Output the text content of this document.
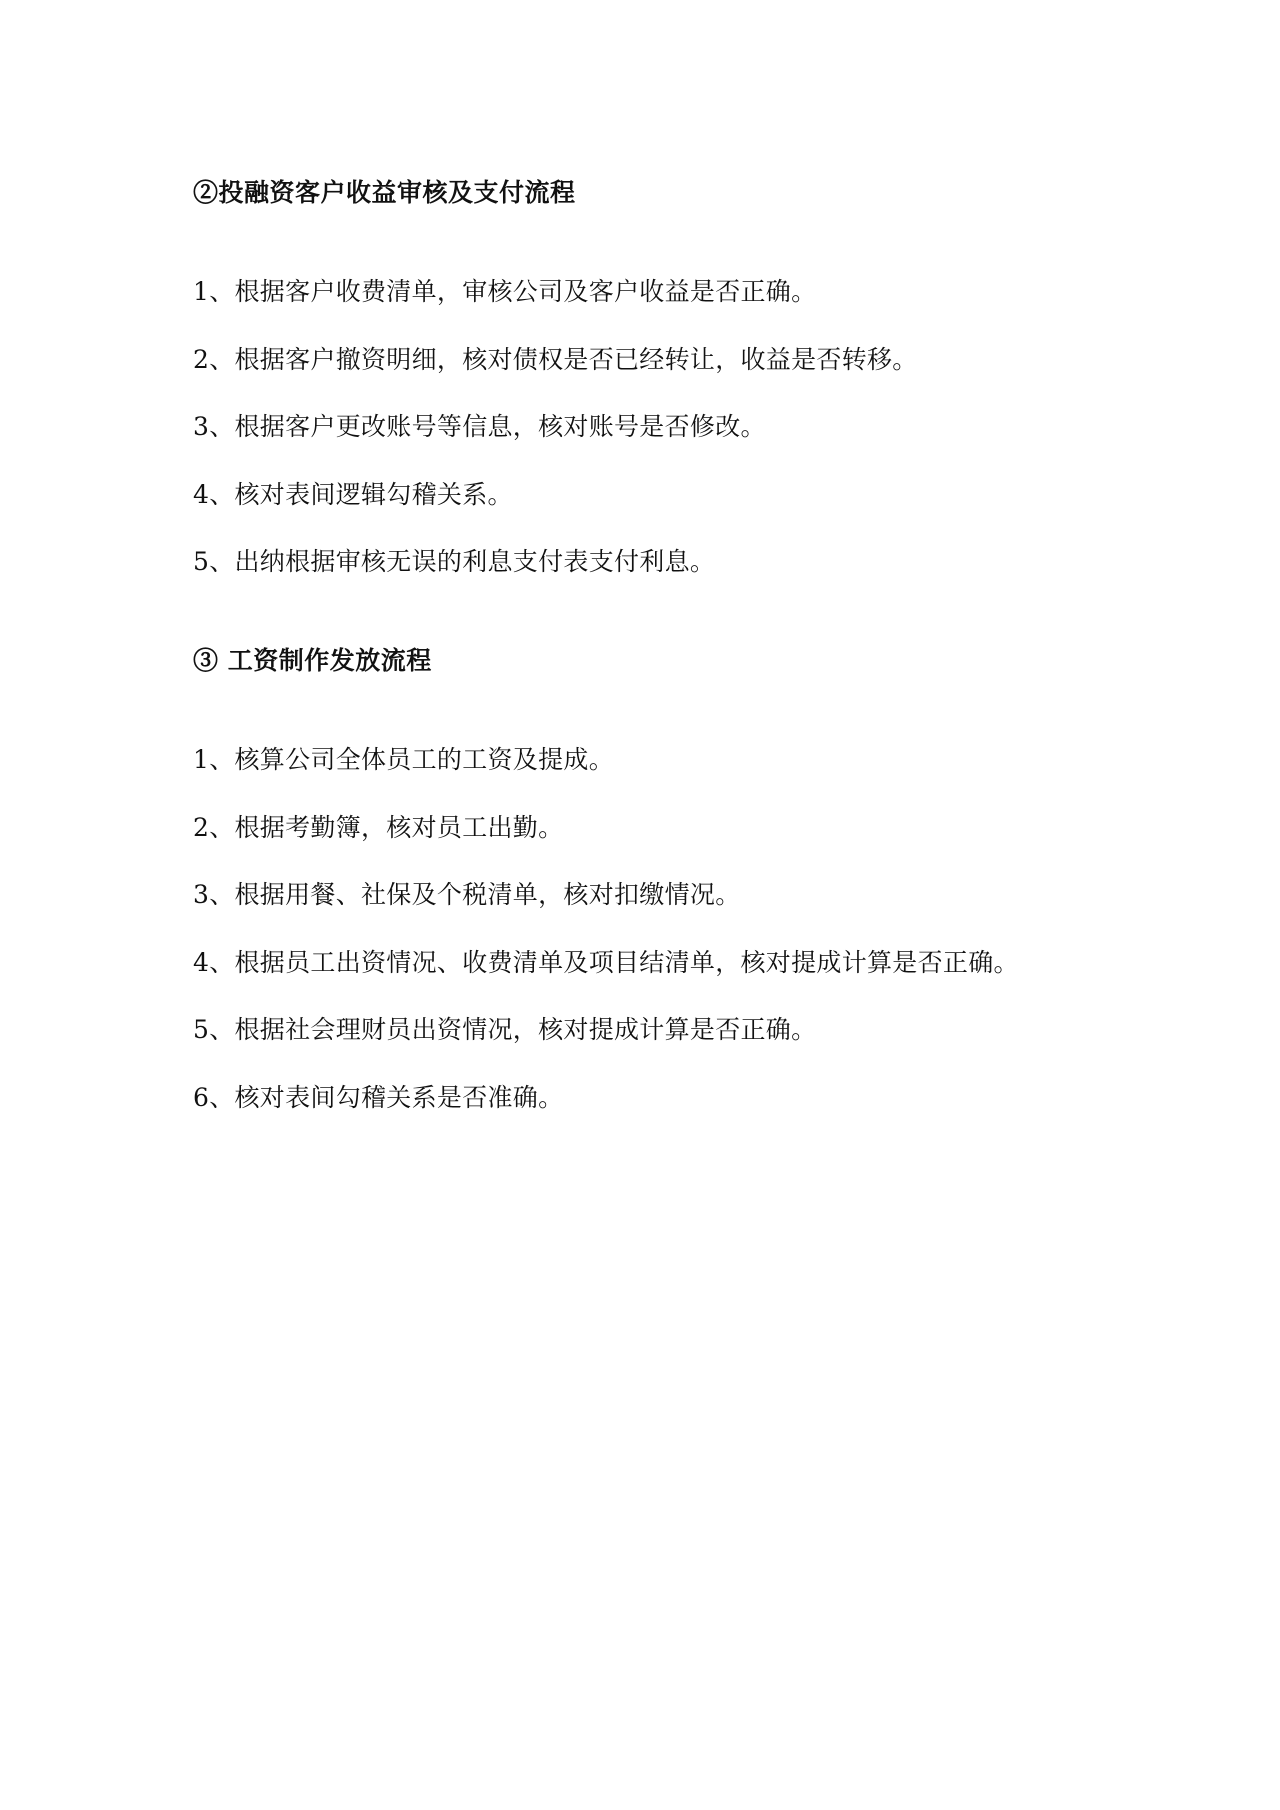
②投融资客户收益审核及支付流程
1、根据客户收费清单，审核公司及客户收益是否正确。
2、根据客户撤资明细，核对债权是否已经转让，收益是否转移。
3、根据客户更改账号等信息，核对账号是否修改。
4、核对表间逻辑勾稽关系。
5、出纳根据审核无误的利息支付表支付利息。
③ 工资制作发放流程
1、核算公司全体员工的工资及提成。
2、根据考勤簿，核对员工出勤。
3、根据用餐、社保及个税清单，核对扣缴情况。
4、根据员工出资情况、收费清单及项目结清单，核对提成计算是否正确。
5、根据社会理财员出资情况，核对提成计算是否正确。
6、核对表间勾稽关系是否准确。
